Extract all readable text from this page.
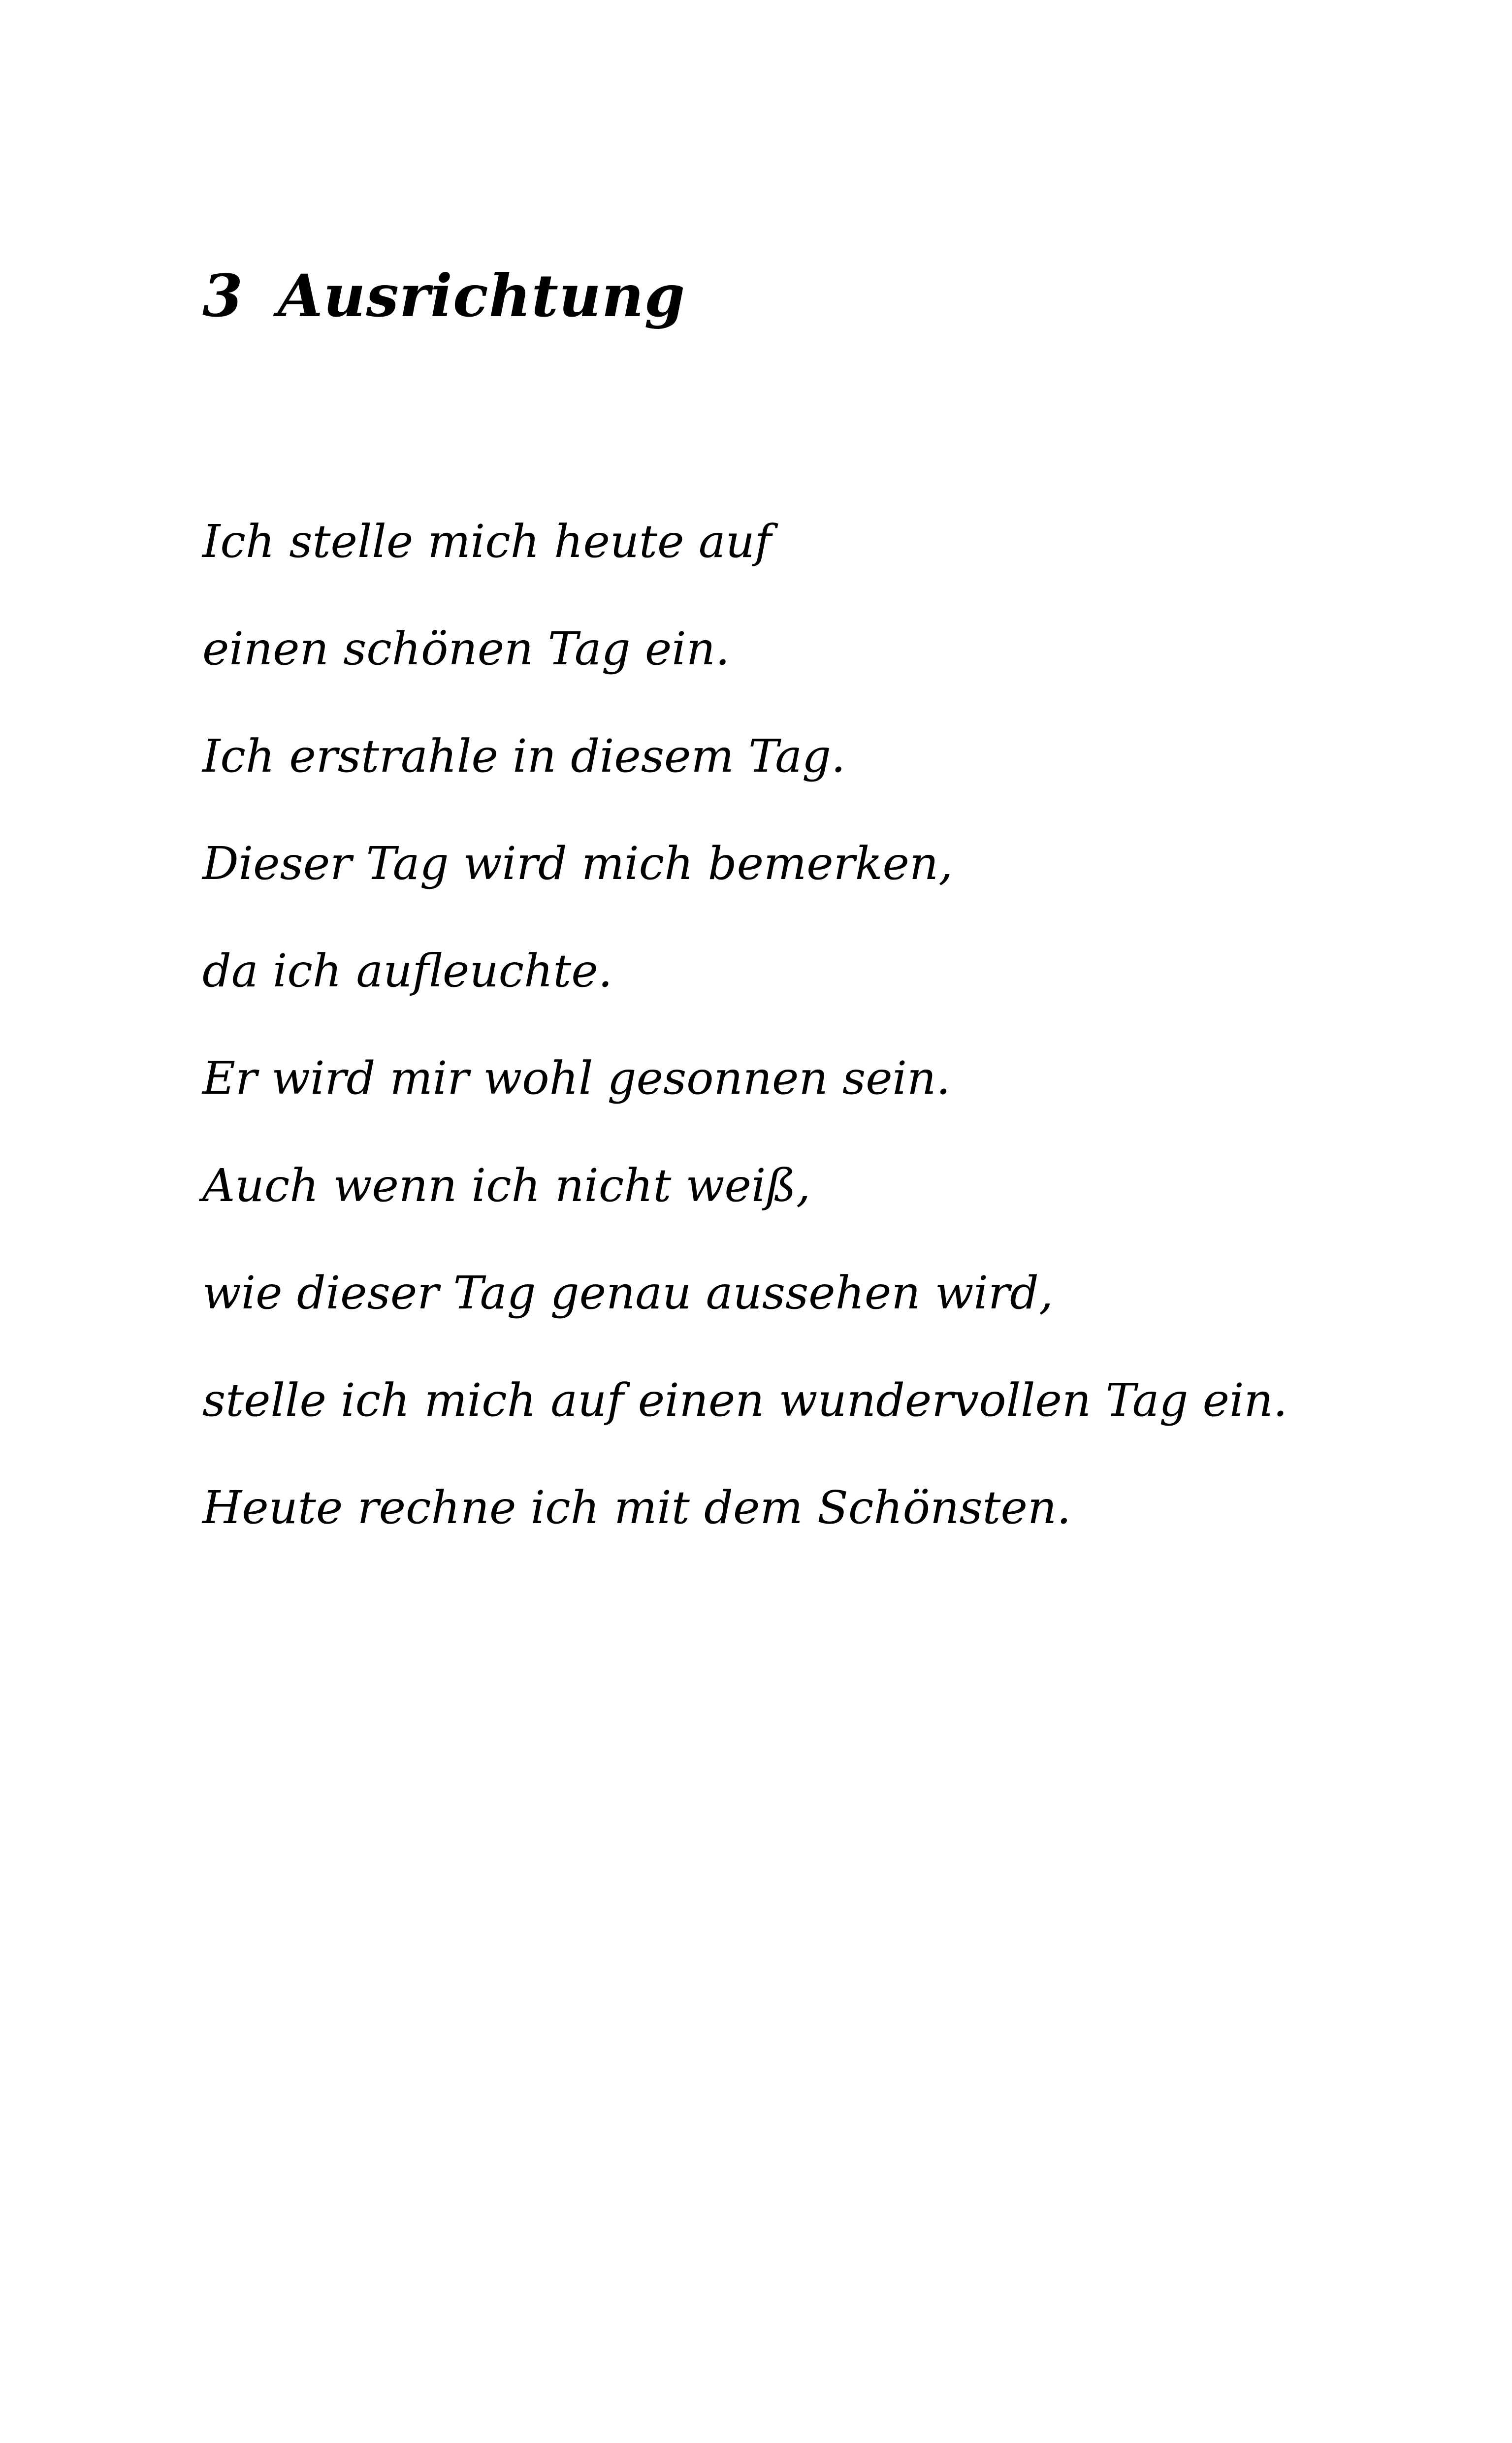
3 Ausrichtung
Ich stelle mich heute auf
einen schönen Tag ein.
Ich erstrahle in diesem Tag.
Dieser Tag wird mich bemerken,
da ich aufleuchte.
Er wird mir wohl gesonnen sein.
Auch wenn ich nicht weiß,
wie dieser Tag genau aussehen wird,
stelle ich mich auf einen wundervollen Tag ein.
Heute rechne ich mit dem Schönsten.
